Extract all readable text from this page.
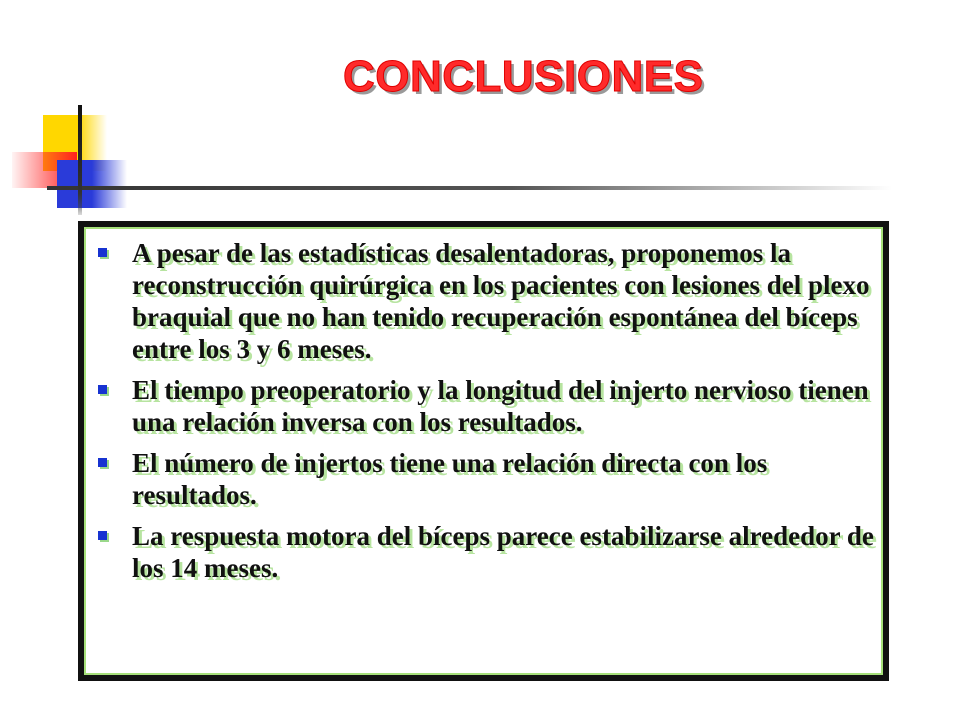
CONCLUSIONES
A pesar de las estadísticas desalentadoras, proponemos la reconstrucción quirúrgica en los pacientes con lesiones del plexo braquial que no han tenido recuperación espontánea del bíceps entre los 3 y 6 meses.
El tiempo preoperatorio y la longitud del injerto nervioso tienen una relación inversa con los resultados.
El número de injertos tiene una relación directa con los resultados.
La respuesta motora del bíceps parece estabilizarse alrededor de los 14 meses.
